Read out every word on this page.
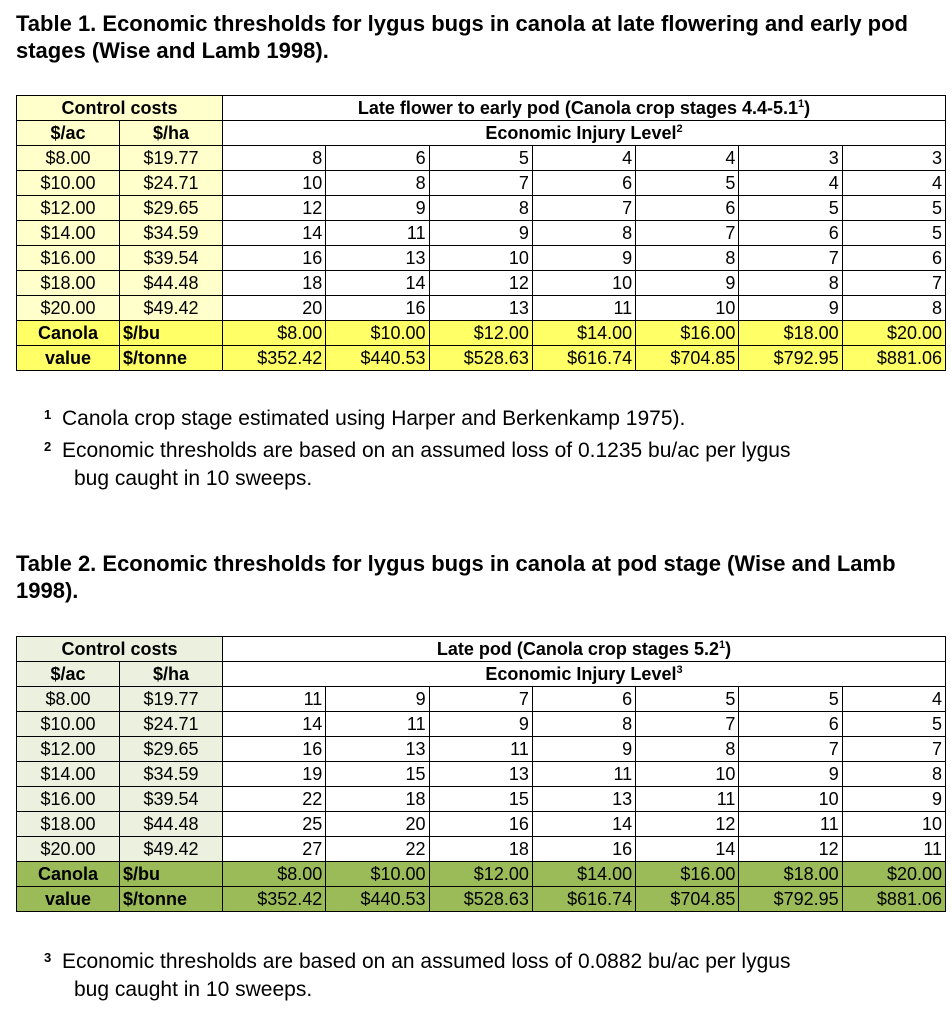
Table 1. Economic thresholds for lygus bugs in canola at late flowering and early pod stages (Wise and Lamb 1998).
Control costs		Late flower to early pod (Canola crop stages $4.4-5.1^1$)						
$/ac	$/ha	Economic Injury Level$^2$
$8.00	$19.77	8	6	5	4	4	3	3
$10.00	$24.71	10	8	7	6	5	4	4
$12.00	$29.65	12	9	8	7	6	5	5
$14.00	$34.59	14	11	9	8	7	6	5
$16.00	$39.54	16	13	10	9	8	7	6
$18.00	$44.48	18	14	12	10	9	8	7
$20.00	$49.42	20	16	13	11	10	9	8
Canola	$/bu	$8.00	$10.00	$12.00	$14.00	$16.00	$18.00	$20.00
value	$/tonne	$352.42	$440.53	$528.63	$616.74	$704.85	$792.95	$881.06
1 Canola crop stage estimated using Harper and Berkenkamp 1975).
2 Economic thresholds are based on an assumed loss of 0.1235 bu/ac per lygus
bug caught in 10 sweeps.
Table 2. Economic thresholds for lygus bugs in canola at pod stage (Wise and Lamb 1998).
Control costs		Late pod (Canola crop stages $5.2^1$)						
$/ac	$/ha	Economic Injury Level$^3$
$8.00	$19.77	11	9	7	6	5	5	4
$10.00	$24.71	14	11	9	8	7	6	5
$12.00	$29.65	16	13	11	9	8	7	7
$14.00	$34.59	19	15	13	11	10	9	8
$16.00	$39.54	22	18	15	13	11	10	9
$18.00	$44.48	25	20	16	14	12	11	10
$20.00	$49.42	27	22	18	16	14	12	11
Canola	$/bu	$8.00	$10.00	$12.00	$14.00	$16.00	$18.00	$20.00
value	$/tonne	$352.42	$440.53	$528.63	$616.74	$704.85	$792.95	$881.06
3 Economic thresholds are based on an assumed loss of 0.0882 bu/ac per lygus
bug caught in 10 sweeps.
